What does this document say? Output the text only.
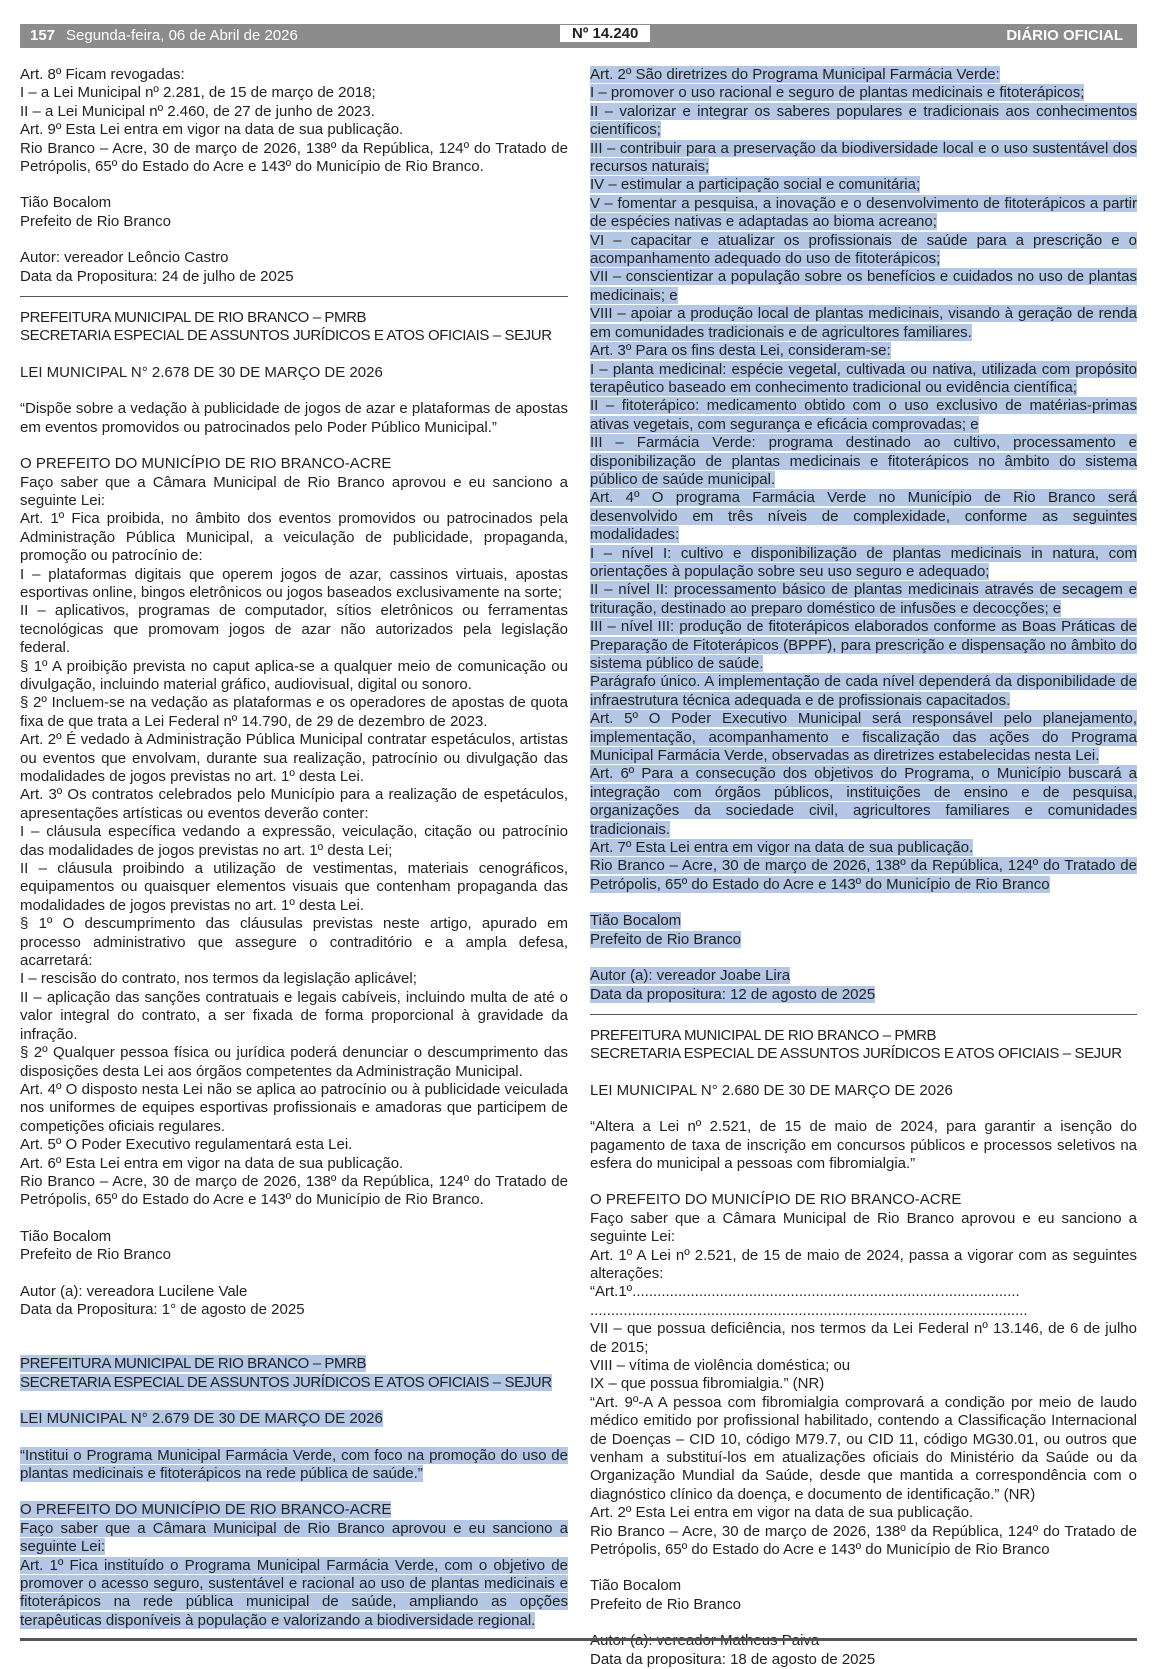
157 Segunda-feira, 06 de Abril de 2026	Nº 14.240	DIÁRIO OFICIAL

Art. 8º Ficam revogadas:

I – a Lei Municipal nº 2.281, de 15 de março de 2018;

II – a Lei Municipal nº 2.460, de 27 de junho de 2023.

Art. 9º Esta Lei entra em vigor na data de sua publicação.

Rio Branco – Acre, 30 de março de 2026, 138º da República, 124º do Tratado de Petrópolis, 65º do Estado do Acre e 143º do Município de Rio Branco.

Tião Bocalom

Prefeito de Rio Branco

Autor: vereador Leôncio Castro

Data da Propositura: 24 de julho de 2025

PREFEITURA MUNICIPAL DE RIO BRANCO – PMRB

SECRETARIA ESPECIAL DE ASSUNTOS JURÍDICOS E ATOS OFICIAIS – SEJUR

LEI MUNICIPAL N° 2.678 DE 30 DE MARÇO DE 2026

“Dispõe sobre a vedação à publicidade de jogos de azar e plataformas de apostas em eventos promovidos ou patrocinados pelo Poder Público Municipal.”

O PREFEITO DO MUNICÍPIO DE RIO BRANCO-ACRE

Faço saber que a Câmara Municipal de Rio Branco aprovou e eu sanciono a seguinte Lei:

Art. 1º Fica proibida, no âmbito dos eventos promovidos ou patrocinados pela Administração Pública Municipal, a veiculação de publicidade, propaganda, promoção ou patrocínio de:

I – plataformas digitais que operem jogos de azar, cassinos virtuais, apostas esportivas online, bingos eletrônicos ou jogos baseados exclusivamente na sorte;

II – aplicativos, programas de computador, sítios eletrônicos ou ferramentas tecnológicas que promovam jogos de azar não autorizados pela legislação federal.

§ 1º A proibição prevista no caput aplica-se a qualquer meio de comunicação ou divulgação, incluindo material gráfico, audiovisual, digital ou sonoro.

§ 2º Incluem-se na vedação as plataformas e os operadores de apostas de quota fixa de que trata a Lei Federal nº 14.790, de 29 de dezembro de 2023.

Art. 2º É vedado à Administração Pública Municipal contratar espetáculos, artistas ou eventos que envolvam, durante sua realização, patrocínio ou divulgação das modalidades de jogos previstas no art. 1º desta Lei.

Art. 3º Os contratos celebrados pelo Município para a realização de espetáculos, apresentações artísticas ou eventos deverão conter:

I – cláusula específica vedando a expressão, veiculação, citação ou patrocínio das modalidades de jogos previstas no art. 1º desta Lei;

II – cláusula proibindo a utilização de vestimentas, materiais cenográficos, equipamentos ou quaisquer elementos visuais que contenham propaganda das modalidades de jogos previstas no art. 1º desta Lei.

§ 1º O descumprimento das cláusulas previstas neste artigo, apurado em processo administrativo que assegure o contraditório e a ampla defesa, acarretará:

I – rescisão do contrato, nos termos da legislação aplicável;

II – aplicação das sanções contratuais e legais cabíveis, incluindo multa de até o valor integral do contrato, a ser fixada de forma proporcional à gravidade da infração.

§ 2º Qualquer pessoa física ou jurídica poderá denunciar o descumprimento das disposições desta Lei aos órgãos competentes da Administração Municipal.

Art. 4º O disposto nesta Lei não se aplica ao patrocínio ou à publicidade veiculada nos uniformes de equipes esportivas profissionais e amadoras que participem de competições oficiais regulares.

Art. 5º O Poder Executivo regulamentará esta Lei.

Art. 6º Esta Lei entra em vigor na data de sua publicação.

Rio Branco – Acre, 30 de março de 2026, 138º da República, 124º do Tratado de Petrópolis, 65º do Estado do Acre e 143º do Município de Rio Branco.

Tião Bocalom

Prefeito de Rio Branco

Autor (a): vereadora Lucilene Vale

Data da Propositura: 1° de agosto de 2025

PREFEITURA MUNICIPAL DE RIO BRANCO – PMRB

SECRETARIA ESPECIAL DE ASSUNTOS JURÍDICOS E ATOS OFICIAIS – SEJUR

LEI MUNICIPAL N° 2.679 DE 30 DE MARÇO DE 2026

“Institui o Programa Municipal Farmácia Verde, com foco na promoção do uso de plantas medicinais e fitoterápicos na rede pública de saúde.”

O PREFEITO DO MUNICÍPIO DE RIO BRANCO-ACRE

Faço saber que a Câmara Municipal de Rio Branco aprovou e eu sanciono a seguinte Lei:

Art. 1º Fica instituído o Programa Municipal Farmácia Verde, com o objetivo de promover o acesso seguro, sustentável e racional ao uso de plantas medicinais e fitoterápicos na rede pública municipal de saúde, ampliando as opções terapêuticas disponíveis à população e valorizando a biodiversidade regional.

Art. 2º São diretrizes do Programa Municipal Farmácia Verde:

I – promover o uso racional e seguro de plantas medicinais e fitoterápicos;

II – valorizar e integrar os saberes populares e tradicionais aos conhecimentos científicos;

III – contribuir para a preservação da biodiversidade local e o uso sustentável dos recursos naturais;

IV – estimular a participação social e comunitária;

V – fomentar a pesquisa, a inovação e o desenvolvimento de fitoterápicos a partir de espécies nativas e adaptadas ao bioma acreano;

VI – capacitar e atualizar os profissionais de saúde para a prescrição e o acompanhamento adequado do uso de fitoterápicos;

VII – conscientizar a população sobre os benefícios e cuidados no uso de plantas medicinais; e

VIII – apoiar a produção local de plantas medicinais, visando à geração de renda em comunidades tradicionais e de agricultores familiares.

Art. 3º Para os fins desta Lei, consideram-se:

I – planta medicinal: espécie vegetal, cultivada ou nativa, utilizada com propósito terapêutico baseado em conhecimento tradicional ou evidência científica;

II – fitoterápico: medicamento obtido com o uso exclusivo de matérias-primas ativas vegetais, com segurança e eficácia comprovadas; e

III – Farmácia Verde: programa destinado ao cultivo, processamento e disponibilização de plantas medicinais e fitoterápicos no âmbito do sistema público de saúde municipal.

Art. 4º O programa Farmácia Verde no Município de Rio Branco será desenvolvido em três níveis de complexidade, conforme as seguintes modalidades:

I – nível I: cultivo e disponibilização de plantas medicinais in natura, com orientações à população sobre seu uso seguro e adequado;

II – nível II: processamento básico de plantas medicinais através de secagem e trituração, destinado ao preparo doméstico de infusões e decocções; e

III – nível III: produção de fitoterápicos elaborados conforme as Boas Práticas de Preparação de Fitoterápicos (BPPF), para prescrição e dispensação no âmbito do sistema público de saúde.

Parágrafo único. A implementação de cada nível dependerá da disponibilidade de infraestrutura técnica adequada e de profissionais capacitados.

Art. 5º O Poder Executivo Municipal será responsável pelo planejamento, implementação, acompanhamento e fiscalização das ações do Programa Municipal Farmácia Verde, observadas as diretrizes estabelecidas nesta Lei.

Art. 6º Para a consecução dos objetivos do Programa, o Município buscará a integração com órgãos públicos, instituições de ensino e de pesquisa, organizações da sociedade civil, agricultores familiares e comunidades tradicionais.

Art. 7º Esta Lei entra em vigor na data de sua publicação.

Rio Branco – Acre, 30 de março de 2026, 138º da República, 124º do Tratado de Petrópolis, 65º do Estado do Acre e 143º do Município de Rio Branco

Tião Bocalom

Prefeito de Rio Branco

Autor (a): vereador Joabe Lira

Data da propositura: 12 de agosto de 2025

PREFEITURA MUNICIPAL DE RIO BRANCO – PMRB

SECRETARIA ESPECIAL DE ASSUNTOS JURÍDICOS E ATOS OFICIAIS – SEJUR

LEI MUNICIPAL N° 2.680 DE 30 DE MARÇO DE 2026

“Altera a Lei nº 2.521, de 15 de maio de 2024, para garantir a isenção do pagamento de taxa de inscrição em concursos públicos e processos seletivos na esfera do municipal a pessoas com fibromialgia.”

O PREFEITO DO MUNICÍPIO DE RIO BRANCO-ACRE

Faço saber que a Câmara Municipal de Rio Branco aprovou e eu sanciono a seguinte Lei:

Art. 1º A Lei nº 2.521, de 15 de maio de 2024, passa a vigorar com as seguintes alterações:

“Art.1º.............................................................................................

.........................................................................................................

VII – que possua deficiência, nos termos da Lei Federal nº 13.146, de 6 de julho de 2015;

VIII – vítima de violência doméstica; ou

IX – que possua fibromialgia.” (NR)

“Art. 9º-A A pessoa com fibromialgia comprovará a condição por meio de laudo médico emitido por profissional habilitado, contendo a Classificação Internacional de Doenças – CID 10, código M79.7, ou CID 11, código MG30.01, ou outros que venham a substituí-los em atualizações oficiais do Ministério da Saúde ou da Organização Mundial da Saúde, desde que mantida a correspondência com o diagnóstico clínico da doença, e documento de identificação.” (NR)

Art. 2º Esta Lei entra em vigor na data de sua publicação.

Rio Branco – Acre, 30 de março de 2026, 138º da República, 124º do Tratado de Petrópolis, 65º do Estado do Acre e 143º do Município de Rio Branco

Tião Bocalom

Prefeito de Rio Branco

Autor (a): vereador Matheus Paiva

Data da propositura: 18 de agosto de 2025
